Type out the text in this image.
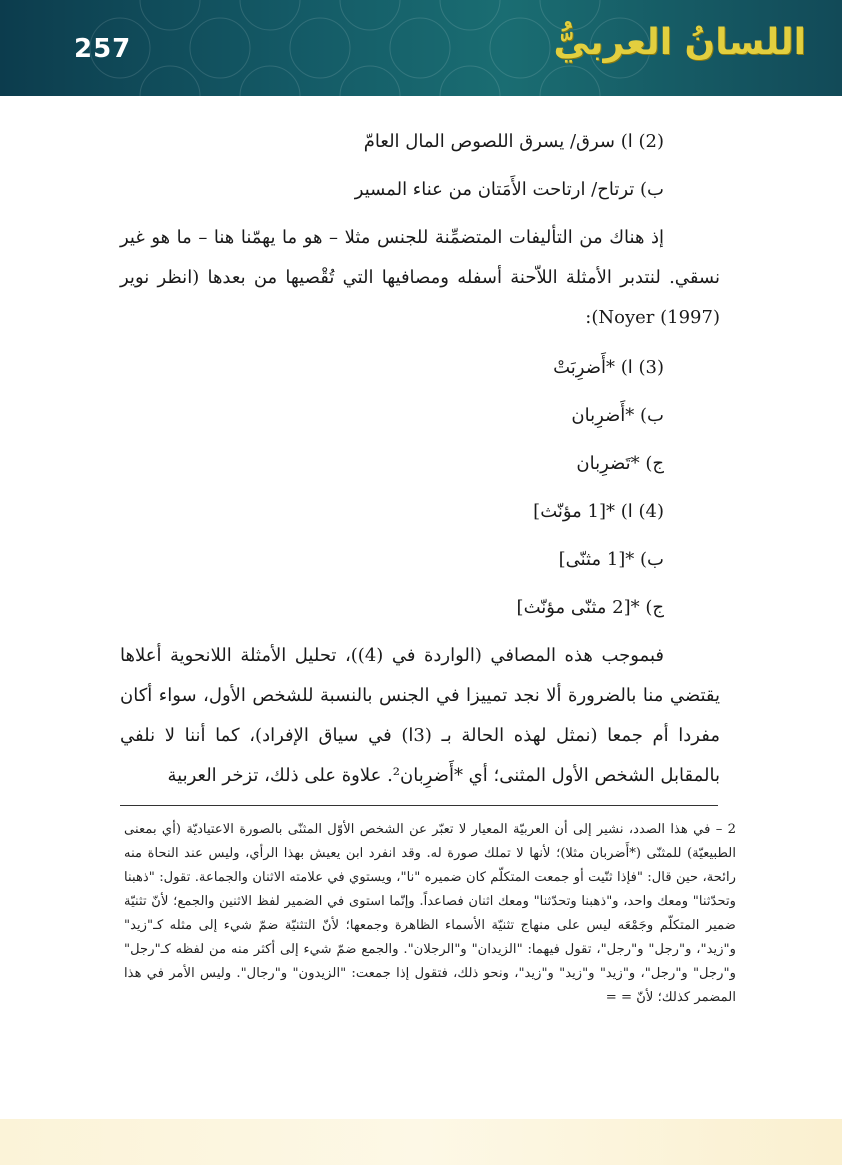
257	اللسانُ العربيُّ
(2) ا) سرق/ يسرق اللصوص المال العامّ
ب) ترتاح/ ارتاحت الأَمَتان من عناء المسير
إذ هناك من التأليفات المتضمِّنة للجنس مثلا – هو ما يهمّنا هنا – ما هو غير نسقي. لنتدبر الأمثلة اللاّحنة أسفله ومصافيها التي تُقْصيها من بعدها (انظر نوير (1997) Noyer):
(3) ا) *أَضرِبَتْ
ب) *أَضرِبان
ج) *تَضرِبان
(4) ا) *[1 مؤنّث]
ب) *[1 مثنّى]
ج) *[2 مثنّى مؤنّث]
فبموجب هذه المصافي (الواردة في (4))، تحليل الأمثلة اللانحوية أعلاها يقتضي منا بالضرورة ألا نجد تمييزا في الجنس بالنسبة للشخص الأول، سواء أكان مفردا أم جمعا (نمثل لهذه الحالة بـ (3ا) في سياق الإفراد)، كما أننا لا نلفي بالمقابل الشخص الأول المثنى؛ أي *أَضرِبان². علاوة على ذلك، تزخر العربية
2 – في هذا الصدد، نشير إلى أن العربيّة المعيار لا تعبّر عن الشخص الأوّل المثنّى بالصورة الاعتياديّة (أي بمعنى الطبيعيّة) للمثنّى (*أَضربان مثلا)؛ لأنها لا تملك صورة له. وقد انفرد ابن يعيش بهذا الرأي، وليس عند النحاة منه رائحة، حين قال: "فإذا ثنّيت أو جمعت المتكلّم كان ضميره "نا"، ويستوي في علامته الاثنان والجماعة. تقول: "ذهبنا وتحدّثنا" ومعك واحد، و"ذهبنا وتحدّثنا" ومعك اثنان فصاعداً. وإنّما استوى في الضمير لفظ الاثنين والجمع؛ لأنّ تثنيّة ضمير المتكلّم وجَمْعَه ليس على منهاج تثنيّة الأسماء الظاهرة وجمعها؛ لأنّ التثنيّة ضمّ شيء إلى مثله كـ"زيد" و"زيد"، و"رجل" و"رجل"، تقول فيهما: "الزيدان" و"الرجلان". والجمع ضمّ شيء إلى أكثر منه من لفظه كـ"رجل" و"رجل" و"رجل"، و"زيد" و"زيد" و"زيد"، ونحو ذلك، فتقول إذا جمعت: "الزيدون" و"رجال". وليس الأمر في هذا المضمر كذلك؛ لأنّ = =
